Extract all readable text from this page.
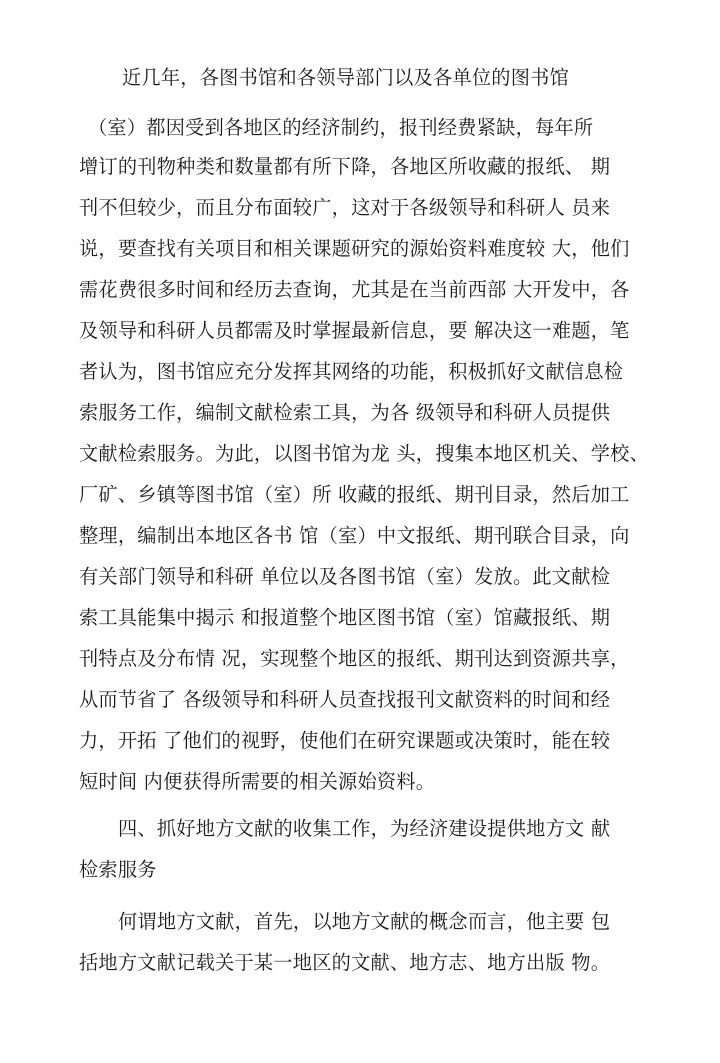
近几年，各图书馆和各领导部门以及各单位的图书馆
（室）都因受到各地区的经济制约，报刊经费紧缺，每年所
增订的刊物种类和数量都有所下降，各地区所收藏的报纸、 期
刊不但较少，而且分布面较广，这对于各级领导和科研人 员来
说，要查找有关项目和相关课题研究的源始资料难度较 大，他们
需花费很多时间和经历去查询，尤其是在当前西部 大开发中，各
及领导和科研人员都需及时掌握最新信息，要 解决这一难题，笔
者认为，图书馆应充分发挥其网络的功能，积极抓好文献信息检
索服务工作，编制文献检索工具，为各 级领导和科研人员提供
文献检索服务。为此，以图书馆为龙 头，搜集本地区机关、学校、
厂矿、乡镇等图书馆（室）所 收藏的报纸、期刊目录，然后加工
整理，编制出本地区各书 馆（室）中文报纸、期刊联合目录，向
有关部门领导和科研 单位以及各图书馆（室）发放。此文献检
索工具能集中揭示 和报道整个地区图书馆（室）馆藏报纸、期
刊特点及分布情 况，实现整个地区的报纸、期刊达到资源共享，
从而节省了 各级领导和科研人员查找报刊文献资料的时间和经
力，开拓 了他们的视野，使他们在研究课题或决策时，能在较
短时间 内便获得所需要的相关源始资料。
四、抓好地方文献的收集工作，为经济建设提供地方文 献
检索服务
何谓地方文献，首先，以地方文献的概念而言，他主要 包
括地方文献记载关于某一地区的文献、地方志、地方出版 物。
